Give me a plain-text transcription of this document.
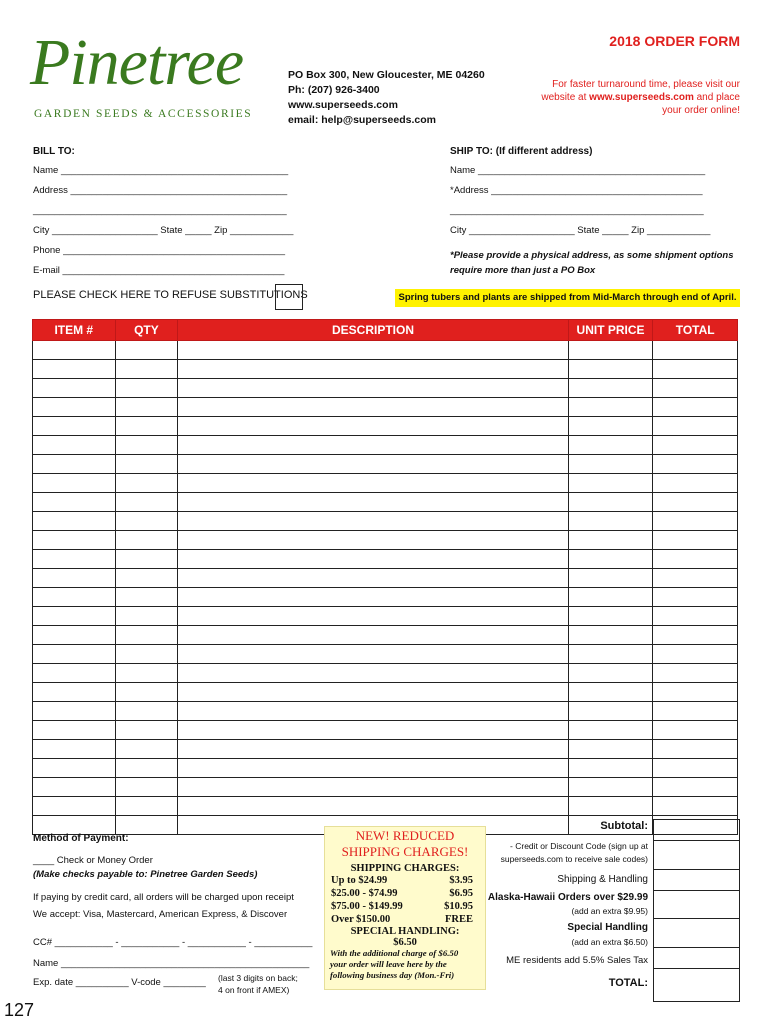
Pinetree
GARDEN SEEDS & ACCESSORIES
PO Box 300, New Gloucester, ME 04260
Ph: (207) 926-3400
www.superseeds.com
email: help@superseeds.com
2018 ORDER FORM
For faster turnaround time, please visit our
website at www.superseeds.com and place
your order online!
BILL TO:
Name ___________________________________________
Address _________________________________________
________________________________________________
City ____________________ State _____ Zip ____________
Phone __________________________________________
E-mail __________________________________________
SHIP TO: (If different address)
Name ___________________________________________
*Address ________________________________________
________________________________________________
City ____________________ State _____ Zip ____________
*Please provide a physical address, as some shipment options
require more than just a PO Box
PLEASE CHECK HERE TO REFUSE SUBSTITUTIONS	Spring tubers and plants are shipped from Mid-March through end of April.
ITEM #	QTY	DESCRIPTION	UNIT PRICE	TOTAL

Subtotal:
- Credit or Discount Code (sign up at
superseeds.com to receive sale codes)
Shipping & Handling
Alaska-Hawaii Orders over $29.99
(add an extra $9.95)
Special Handling
(add an extra $6.50)
ME residents add 5.5% Sales Tax
TOTAL:
Method of Payment:
____ Check or Money Order
(Make checks payable to: Pinetree Garden Seeds)
If paying by credit card, all orders will be charged upon receipt
We accept: Visa, Mastercard, American Express, & Discover
CC# ___________ - ___________ - ___________ - ___________
Name _______________________________________________
Exp. date __________ V-code ________ (last 3 digits on back;
4 on front if AMEX)
NEW! REDUCED
SHIPPING CHARGES!
SHIPPING CHARGES:
Up to $24.99	$3.95
$25.00 - $74.99	$6.95
$75.00 - $149.99	$10.95
Over $150.00	FREE
SPECIAL HANDLING:
$6.50
With the additional charge of $6.50
your order will leave here by the
following business day (Mon.-Fri)
127
